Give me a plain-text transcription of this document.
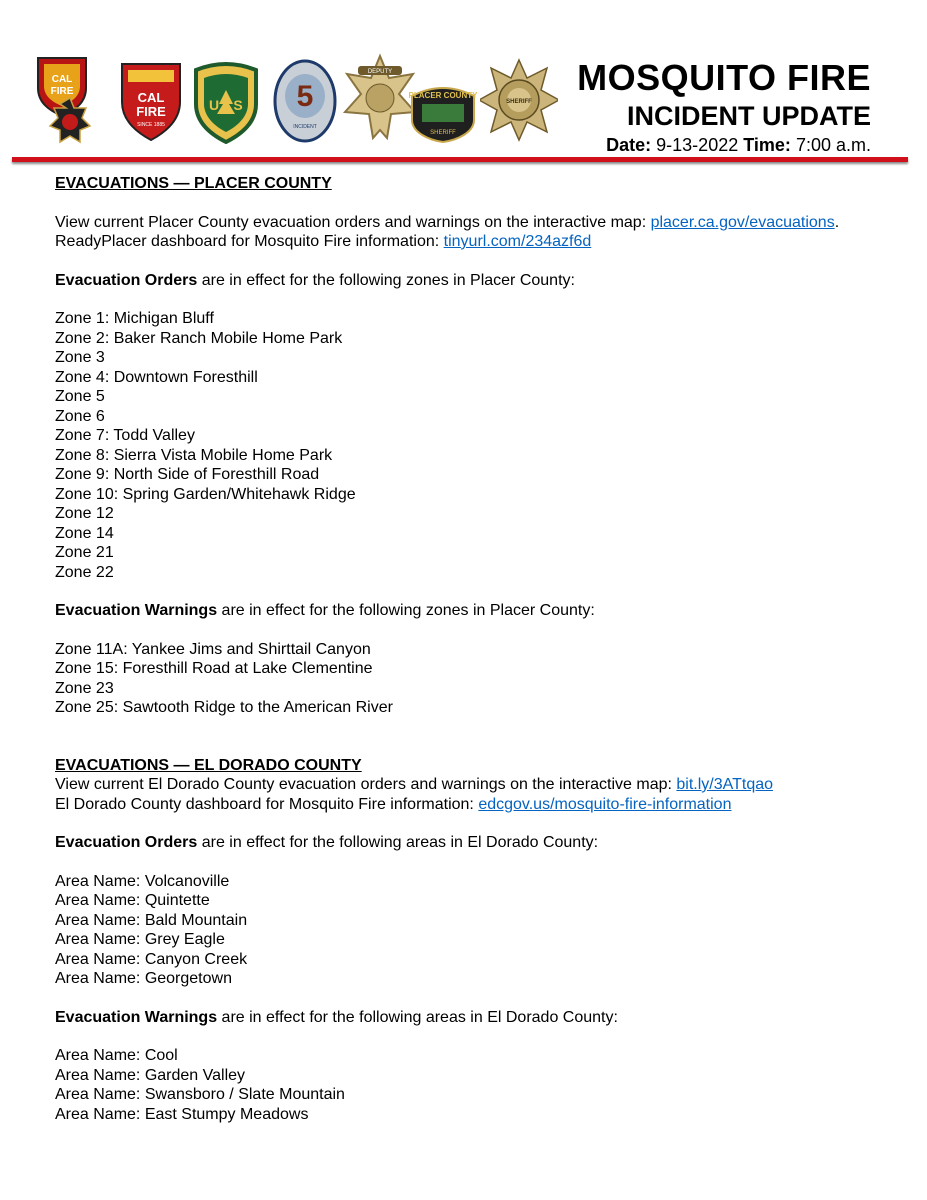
CAL
FIRE	CAL
FIRE
SINCE 1885
U S 5
INCIDENT
DEPUTY
PLACER COUNTY
SHERIFF
SHERIFF
MOSQUITO FIRE
INCIDENT UPDATE
Date: 9-13-2022 Time: 7:00 a.m.
EVACUATIONS — PLACER COUNTY
View current Placer County evacuation orders and warnings on the interactive map: placer.ca.gov/evacuations.
ReadyPlacer dashboard for Mosquito Fire information: tinyurl.com/234azf6d
Evacuation Orders are in effect for the following zones in Placer County:
Zone 1: Michigan Bluff
Zone 2: Baker Ranch Mobile Home Park
Zone 3
Zone 4: Downtown Foresthill
Zone 5
Zone 6
Zone 7: Todd Valley
Zone 8: Sierra Vista Mobile Home Park
Zone 9: North Side of Foresthill Road
Zone 10: Spring Garden/Whitehawk Ridge
Zone 12
Zone 14
Zone 21
Zone 22
Evacuation Warnings are in effect for the following zones in Placer County:
Zone 11A: Yankee Jims and Shirttail Canyon
Zone 15: Foresthill Road at Lake Clementine
Zone 23
Zone 25: Sawtooth Ridge to the American River
EVACUATIONS — EL DORADO COUNTY
View current El Dorado County evacuation orders and warnings on the interactive map: bit.ly/3ATtqao
El Dorado County dashboard for Mosquito Fire information: edcgov.us/mosquito-fire-information
Evacuation Orders are in effect for the following areas in El Dorado County:
Area Name: Volcanoville
Area Name: Quintette
Area Name: Bald Mountain
Area Name: Grey Eagle
Area Name: Canyon Creek
Area Name: Georgetown
Evacuation Warnings are in effect for the following areas in El Dorado County:
Area Name: Cool
Area Name: Garden Valley
Area Name: Swansboro / Slate Mountain
Area Name: East Stumpy Meadows
